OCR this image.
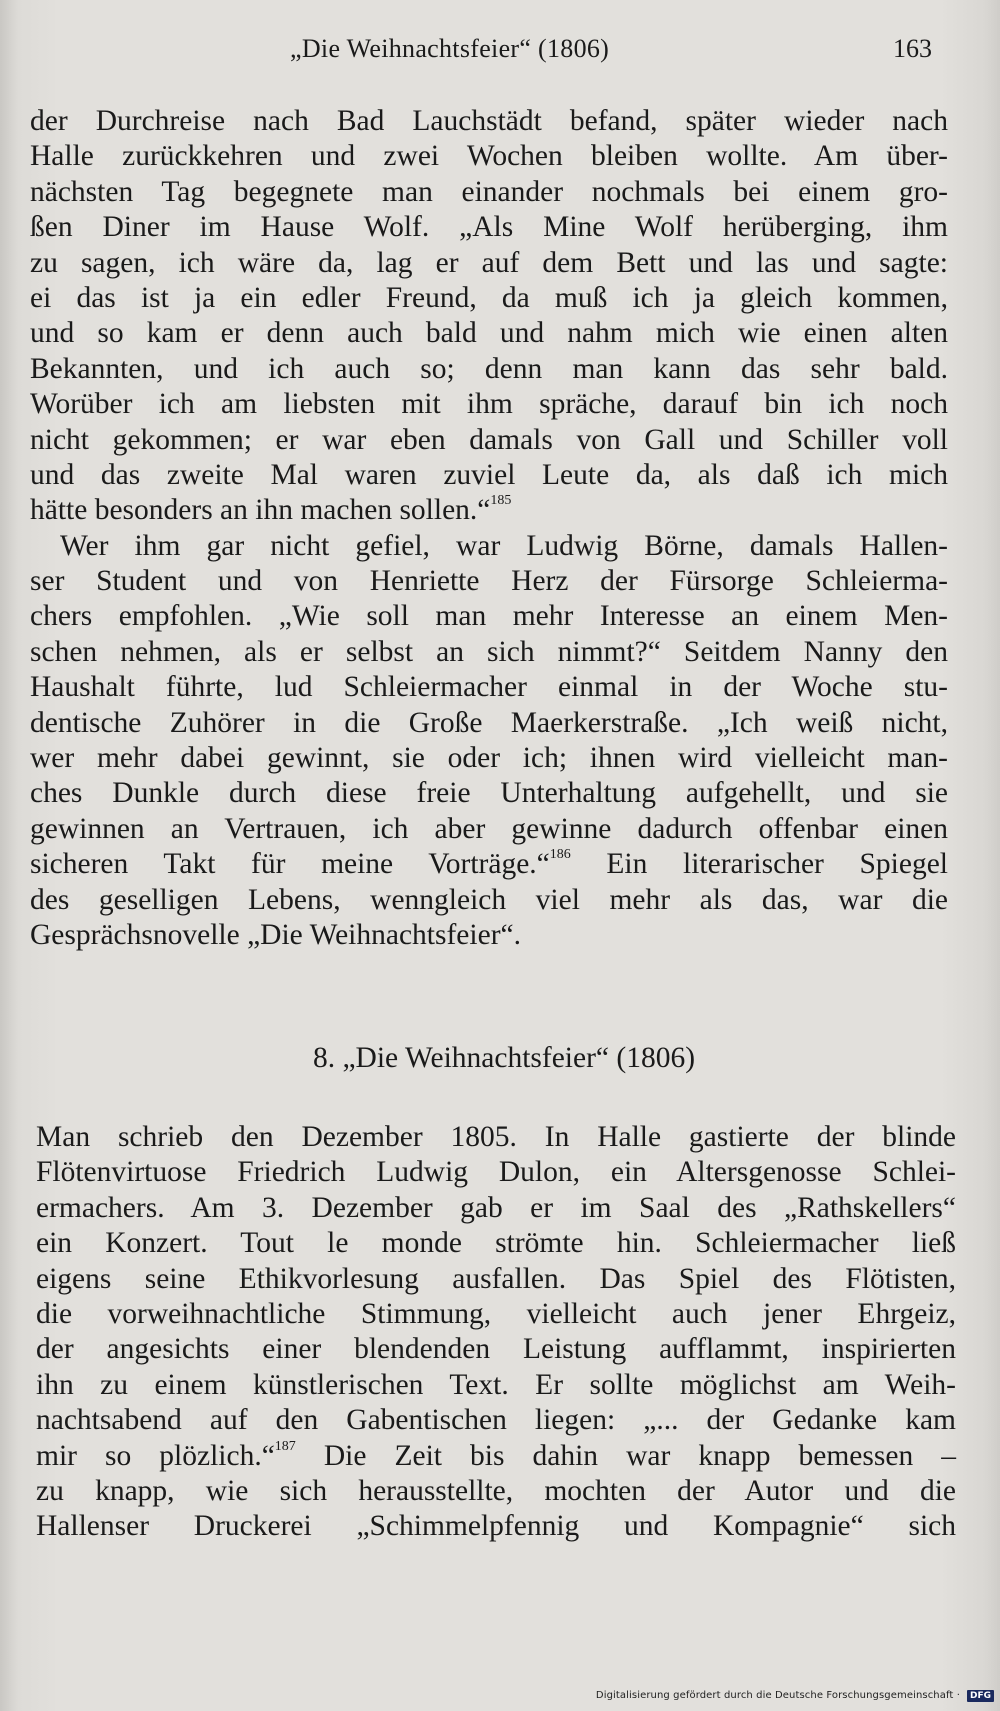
„Die Weihnachtsfeier“ (1806)	163
der Durchreise nach Bad Lauchstädt befand, später wieder nach
Halle zurückkehren und zwei Wochen bleiben wollte. Am über-
nächsten Tag begegnete man einander nochmals bei einem gro-
ßen Diner im Hause Wolf. „Als Mine Wolf herüberging, ihm
zu sagen, ich wäre da, lag er auf dem Bett und las und sagte:
ei das ist ja ein edler Freund, da muß ich ja gleich kommen,
und so kam er denn auch bald und nahm mich wie einen alten
Bekannten, und ich auch so; denn man kann das sehr bald.
Worüber ich am liebsten mit ihm spräche, darauf bin ich noch
nicht gekommen; er war eben damals von Gall und Schiller voll
und das zweite Mal waren zuviel Leute da, als daß ich mich
hätte besonders an ihn machen sollen.“$^{185}$
Wer ihm gar nicht gefiel, war Ludwig Börne, damals Hallen-
ser Student und von Henriette Herz der Fürsorge Schleierma-
chers empfohlen. „Wie soll man mehr Interesse an einem Men-
schen nehmen, als er selbst an sich nimmt?“ Seitdem Nanny den
Haushalt führte, lud Schleiermacher einmal in der Woche stu-
dentische Zuhörer in die Große Maerkerstraße. „Ich weiß nicht,
wer mehr dabei gewinnt, sie oder ich; ihnen wird vielleicht man-
ches Dunkle durch diese freie Unterhaltung aufgehellt, und sie
gewinnen an Vertrauen, ich aber gewinne dadurch offenbar einen
sicheren Takt für meine Vorträge.“$^{186}$ Ein literarischer Spiegel
des geselligen Lebens, wenngleich viel mehr als das, war die
Gesprächsnovelle „Die Weihnachtsfeier“.
8. „Die Weihnachtsfeier“ (1806)
Man schrieb den Dezember 1805. In Halle gastierte der blinde
Flötenvirtuose Friedrich Ludwig Dulon, ein Altersgenosse Schlei-
ermachers. Am 3. Dezember gab er im Saal des „Rathskellers“
ein Konzert. Tout le monde strömte hin. Schleiermacher ließ
eigens seine Ethikvorlesung ausfallen. Das Spiel des Flötisten,
die vorweihnachtliche Stimmung, vielleicht auch jener Ehrgeiz,
der angesichts einer blendenden Leistung aufflammt, inspirierten
ihn zu einem künstlerischen Text. Er sollte möglichst am Weih-
nachtsabend auf den Gabentischen liegen: „... der Gedanke kam
mir so plözlich.“$^{187}$ Die Zeit bis dahin war knapp bemessen –
zu knapp, wie sich herausstellte, mochten der Autor und die
Hallenser Druckerei „Schimmelpfennig und Kompagnie“ sich
Digitalisierung gefördert durch die Deutsche Forschungsgemeinschaft ·	DFG
